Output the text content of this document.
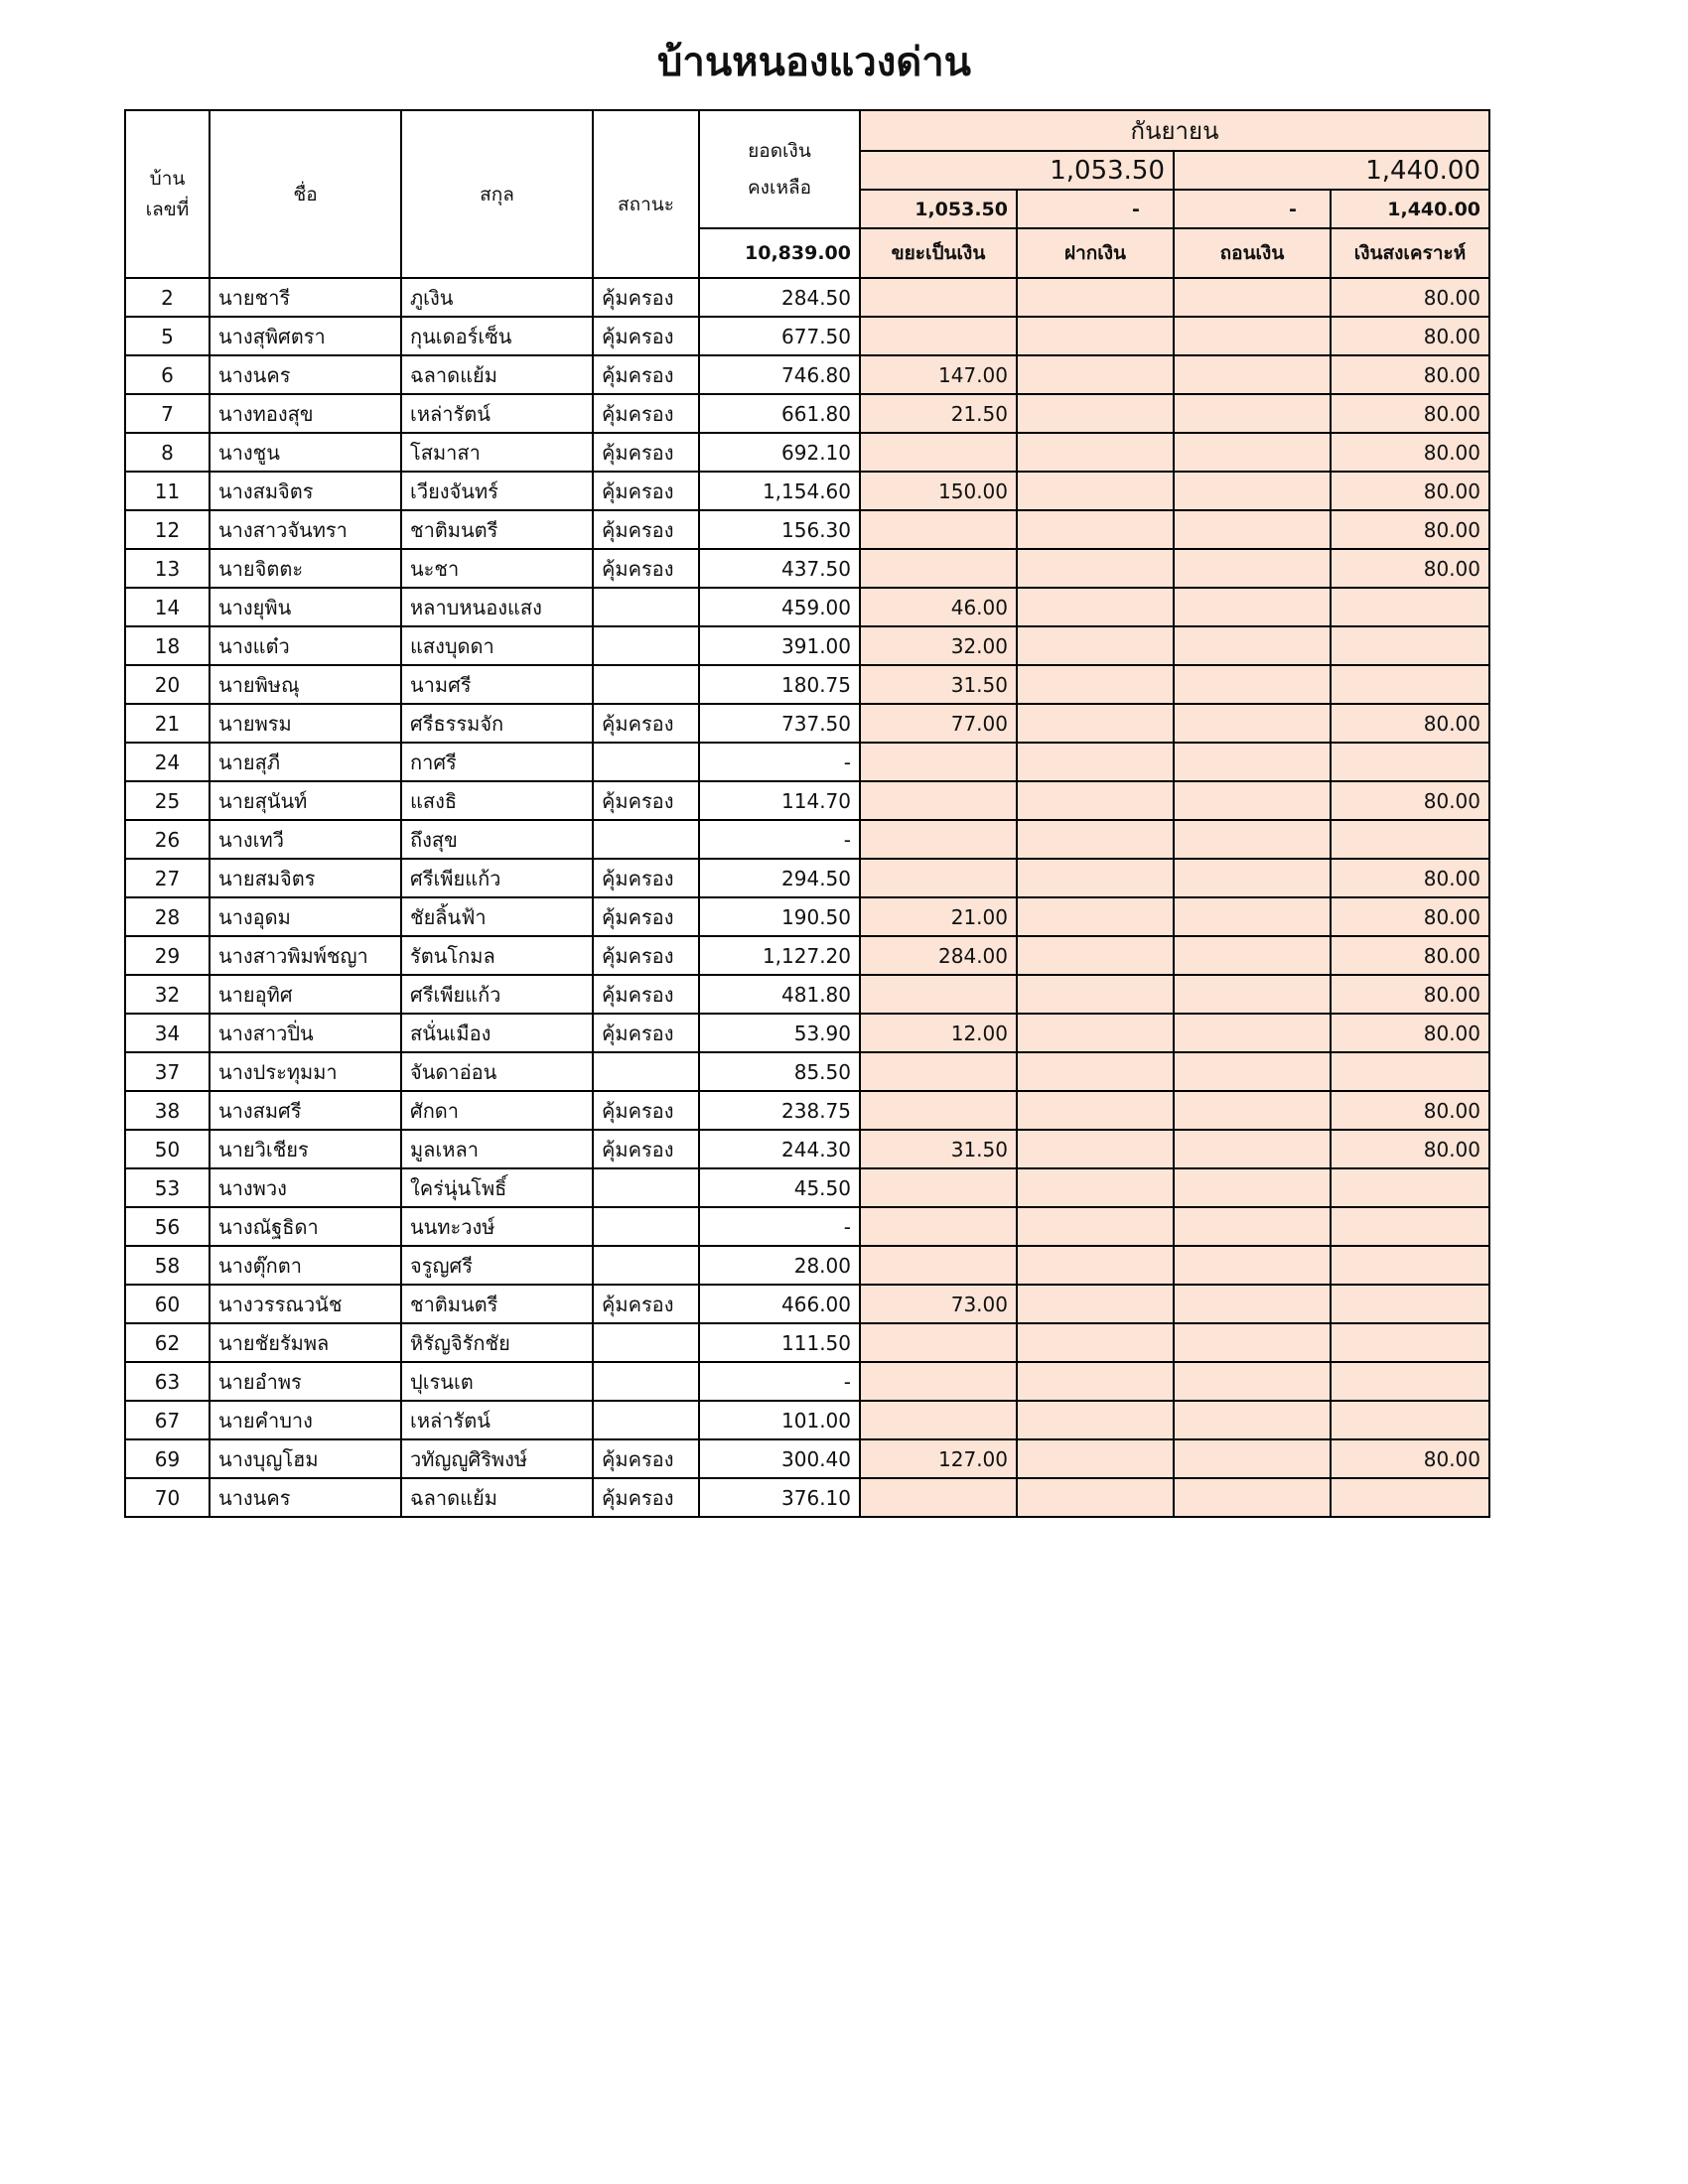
บ้านหนองแวงด่าน
บ้าน
เลขที่	ชื่อ	สกุล	สถานะ	ยอดเงิน
คงเหลือ	กันยายน			
					1,053.50		1,440.00	
					1,053.50	-	-	1,440.00
				10,839.00	ขยะเป็นเงิน	ฝากเงิน	ถอนเงิน	เงินสงเคราะห์
2	นายชารี	ภูเงิน	คุ้มครอง	284.50				80.00
5	นางสุพิศตรา	กุนเดอร์เซ็น	คุ้มครอง	677.50				80.00
6	นางนคร	ฉลาดแย้ม	คุ้มครอง	746.80	147.00			80.00
7	นางทองสุข	เหล่ารัตน์	คุ้มครอง	661.80	21.50			80.00
8	นางชูน	โสมาสา	คุ้มครอง	692.10				80.00
11	นางสมจิตร	เวียงจันทร์	คุ้มครอง	1,154.60	150.00			80.00
12	นางสาวจันทรา	ชาติมนตรี	คุ้มครอง	156.30				80.00
13	นายจิตตะ	นะชา	คุ้มครอง	437.50				80.00
14	นางยุพิน	หลาบหนองแสง		459.00	46.00			
18	นางแต๋ว	แสงบุดดา		391.00	32.00			
20	นายพิษณุ	นามศรี		180.75	31.50			
21	นายพรม	ศรีธรรมจัก	คุ้มครอง	737.50	77.00			80.00
24	นายสุภี	กาศรี		-				
25	นายสุนันท์	แสงธิ	คุ้มครอง	114.70				80.00
26	นางเทวี	ถึงสุข		-				
27	นายสมจิตร	ศรีเพียแก้ว	คุ้มครอง	294.50				80.00
28	นางอุดม	ชัยลิ้นฟ้า	คุ้มครอง	190.50	21.00			80.00
29	นางสาวพิมพ์ชญา	รัตนโกมล	คุ้มครอง	1,127.20	284.00			80.00
32	นายอุทิศ	ศรีเพียแก้ว	คุ้มครอง	481.80				80.00
34	นางสาวปิ่น	สนั่นเมือง	คุ้มครอง	53.90	12.00			80.00
37	นางประทุมมา	จันดาอ่อน		85.50				
38	นางสมศรี	ศักดา	คุ้มครอง	238.75				80.00
50	นายวิเชียร	มูลเหลา	คุ้มครอง	244.30	31.50			80.00
53	นางพวง	ใคร่นุ่นโพธิ์		45.50				
56	นางณัฐธิดา	นนทะวงษ์		-				
58	นางตุ๊กตา	จรูญศรี		28.00				
60	นางวรรณวนัช	ชาติมนตรี	คุ้มครอง	466.00	73.00			
62	นายชัยรัมพล	หิรัญจิรักชัย		111.50				
63	นายอำพร	ปุเรนเต		-				
67	นายคำบาง	เหล่ารัตน์		101.00				
69	นางบุญโฮม	วทัญญูศิริพงษ์	คุ้มครอง	300.40	127.00			80.00
70	นางนคร	ฉลาดแย้ม	คุ้มครอง	376.10				
